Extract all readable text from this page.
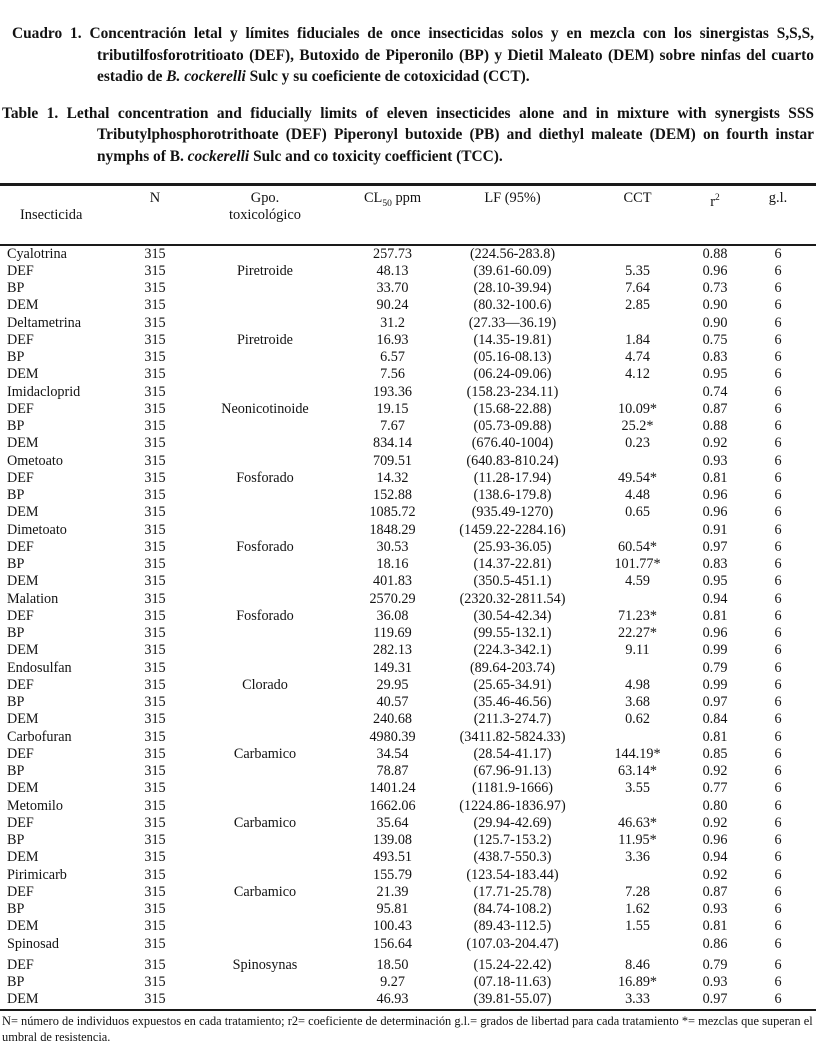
Cuadro 1. Concentración letal y límites fiduciales de once insecticidas solos y en mezcla con los sinergistas S,S,S, tributilfosforotritioato (DEF), Butoxido de Piperonilo (BP) y Dietil Maleato (DEM) sobre ninfas del cuarto estadio de B. cockerelli Sulc y su coeficiente de cotoxicidad (CCT).

Table 1. Lethal concentration and fiducially limits of eleven insecticides alone and in mixture with synergists SSS Tributylphosphorotrithoate (DEF) Piperonyl butoxide (PB) and diethyl maleate (DEM) on fourth instar nymphs of B. cockerelli Sulc and co toxicity coefficient (TCC).

Insecticida	N	Gpo.
toxicológico	$CL_{50}$ ppm	LF (95%)	CCT	$r^2$	g.l.
Cyalotrina	315		257.73	(224.56-283.8)		0.88	6
DEF	315	Piretroide	48.13	(39.61-60.09)	5.35	0.96	6
BP	315		33.70	(28.10-39.94)	7.64	0.73	6
DEM	315		90.24	(80.32-100.6)	2.85	0.90	6
Deltametrina	315		31.2	(27.33—36.19)		0.90	6
DEF	315	Piretroide	16.93	(14.35-19.81)	1.84	0.75	6
BP	315		6.57	(05.16-08.13)	4.74	0.83	6
DEM	315		7.56	(06.24-09.06)	4.12	0.95	6
Imidacloprid	315		193.36	(158.23-234.11)		0.74	6
DEF	315	Neonicotinoide	19.15	(15.68-22.88)	10.09*	0.87	6
BP	315		7.67	(05.73-09.88)	25.2*	0.88	6
DEM	315		834.14	(676.40-1004)	0.23	0.92	6
Ometoato	315		709.51	(640.83-810.24)		0.93	6
DEF	315	Fosforado	14.32	(11.28-17.94)	49.54*	0.81	6
BP	315		152.88	(138.6-179.8)	4.48	0.96	6
DEM	315		1085.72	(935.49-1270)	0.65	0.96	6
Dimetoato	315		1848.29	(1459.22-2284.16)		0.91	6
DEF	315	Fosforado	30.53	(25.93-36.05)	60.54*	0.97	6
BP	315		18.16	(14.37-22.81)	101.77*	0.83	6
DEM	315		401.83	(350.5-451.1)	4.59	0.95	6
Malation	315		2570.29	(2320.32-2811.54)		0.94	6
DEF	315	Fosforado	36.08	(30.54-42.34)	71.23*	0.81	6
BP	315		119.69	(99.55-132.1)	22.27*	0.96	6
DEM	315		282.13	(224.3-342.1)	9.11	0.99	6
Endosulfan	315		149.31	(89.64-203.74)		0.79	6
DEF	315	Clorado	29.95	(25.65-34.91)	4.98	0.99	6
BP	315		40.57	(35.46-46.56)	3.68	0.97	6
DEM	315		240.68	(211.3-274.7)	0.62	0.84	6
Carbofuran	315		4980.39	(3411.82-5824.33)		0.81	6
DEF	315	Carbamico	34.54	(28.54-41.17)	144.19*	0.85	6
BP	315		78.87	(67.96-91.13)	63.14*	0.92	6
DEM	315		1401.24	(1181.9-1666)	3.55	0.77	6
Metomilo	315		1662.06	(1224.86-1836.97)		0.80	6
DEF	315	Carbamico	35.64	(29.94-42.69)	46.63*	0.92	6
BP	315		139.08	(125.7-153.2)	11.95*	0.96	6
DEM	315		493.51	(438.7-550.3)	3.36	0.94	6
Pirimicarb	315		155.79	(123.54-183.44)		0.92	6
DEF	315	Carbamico	21.39	(17.71-25.78)	7.28	0.87	6
BP	315		95.81	(84.74-108.2)	1.62	0.93	6
DEM	315		100.43	(89.43-112.5)	1.55	0.81	6
Spinosad	315		156.64	(107.03-204.47)		0.86	6
DEF	315	Spinosynas	18.50	(15.24-22.42)	8.46	0.79	6
BP	315		9.27	(07.18-11.63)	16.89*	0.93	6
DEM	315		46.93	(39.81-55.07)	3.33	0.97	6
N= número de individuos expuestos en cada tratamiento; r2= coeficiente de determinación g.l.= grados de libertad para cada tratamiento *= mezclas que superan el umbral de resistencia.
